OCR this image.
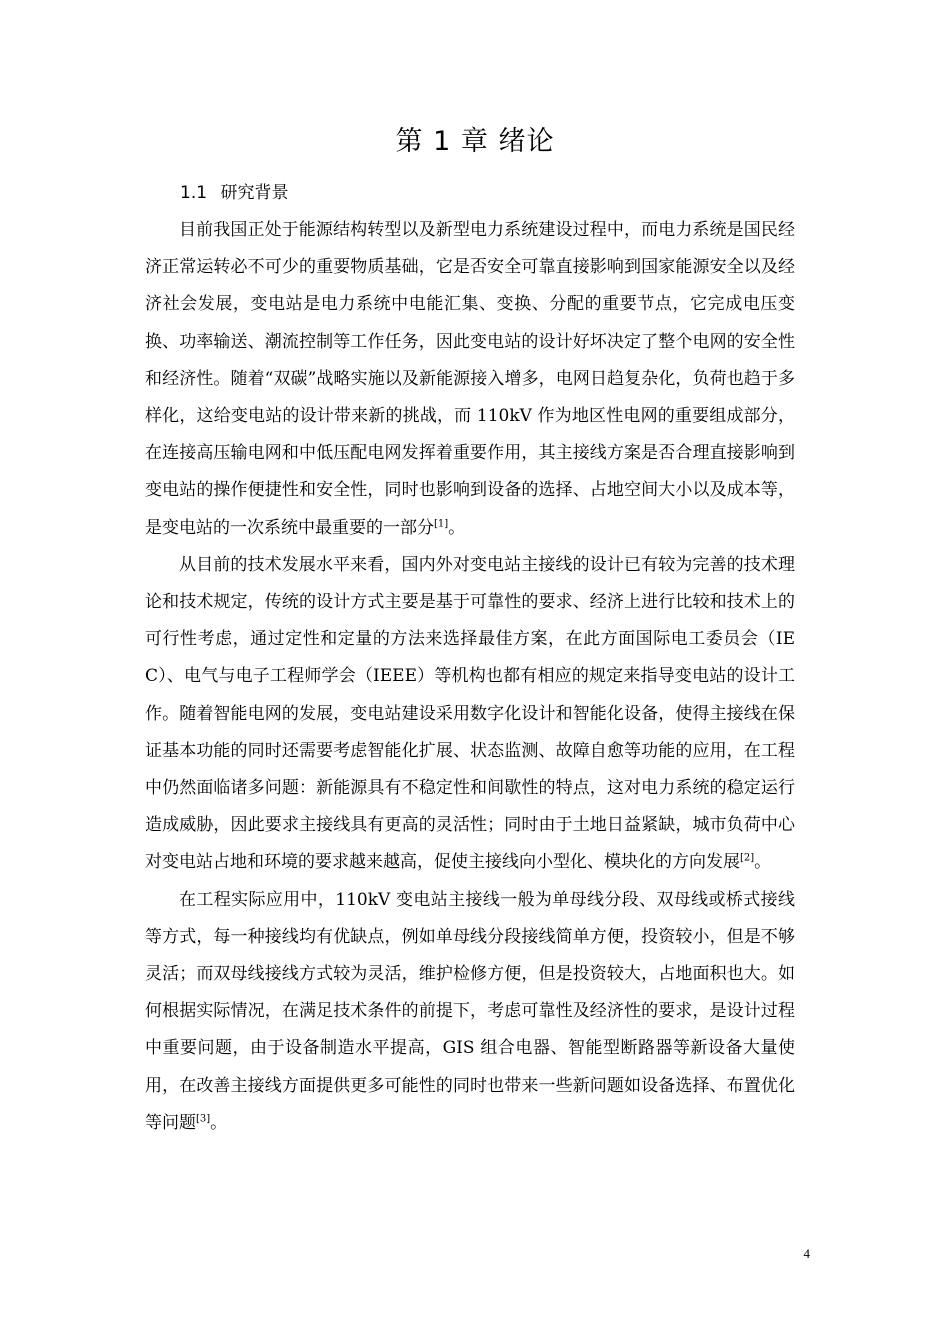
第 1 章 绪论
1.1 研究背景

目前我国正处于能源结构转型以及新型电力系统建设过程中，而电力系统是国民经济正常运转必不可少的重要物质基础，它是否安全可靠直接影响到国家能源安全以及经济社会发展，变电站是电力系统中电能汇集、变换、分配的重要节点，它完成电压变换、功率输送、潮流控制等工作任务，因此变电站的设计好坏决定了整个电网的安全性和经济性。随着“双碳”战略实施以及新能源接入增多，电网日趋复杂化，负荷也趋于多样化，这给变电站的设计带来新的挑战，而 110kV 作为地区性电网的重要组成部分，在连接高压输电网和中低压配电网发挥着重要作用，其主接线方案是否合理直接影响到变电站的操作便捷性和安全性，同时也影响到设备的选择、占地空间大小以及成本等，是变电站的一次系统中最重要的一部分[1]。

从目前的技术发展水平来看，国内外对变电站主接线的设计已有较为完善的技术理论和技术规定，传统的设计方式主要是基于可靠性的要求、经济上进行比较和技术上的可行性考虑，通过定性和定量的方法来选择最佳方案，在此方面国际电工委员会（IEC）、电气与电子工程师学会（IEEE）等机构也都有相应的规定来指导变电站的设计工作。随着智能电网的发展，变电站建设采用数字化设计和智能化设备，使得主接线在保证基本功能的同时还需要考虑智能化扩展、状态监测、故障自愈等功能的应用，在工程中仍然面临诸多问题：新能源具有不稳定性和间歇性的特点，这对电力系统的稳定运行造成威胁，因此要求主接线具有更高的灵活性；同时由于土地日益紧缺，城市负荷中心对变电站占地和环境的要求越来越高，促使主接线向小型化、模块化的方向发展[2]。

在工程实际应用中，110kV 变电站主接线一般为单母线分段、双母线或桥式接线等方式，每一种接线均有优缺点，例如单母线分段接线简单方便，投资较小，但是不够灵活；而双母线接线方式较为灵活，维护检修方便，但是投资较大，占地面积也大。如何根据实际情况，在满足技术条件的前提下，考虑可靠性及经济性的要求，是设计过程中重要问题，由于设备制造水平提高，GIS 组合电器、智能型断路器等新设备大量使用，在改善主接线方面提供更多可能性的同时也带来一些新问题如设备选择、布置优化等问题[3]。

4
